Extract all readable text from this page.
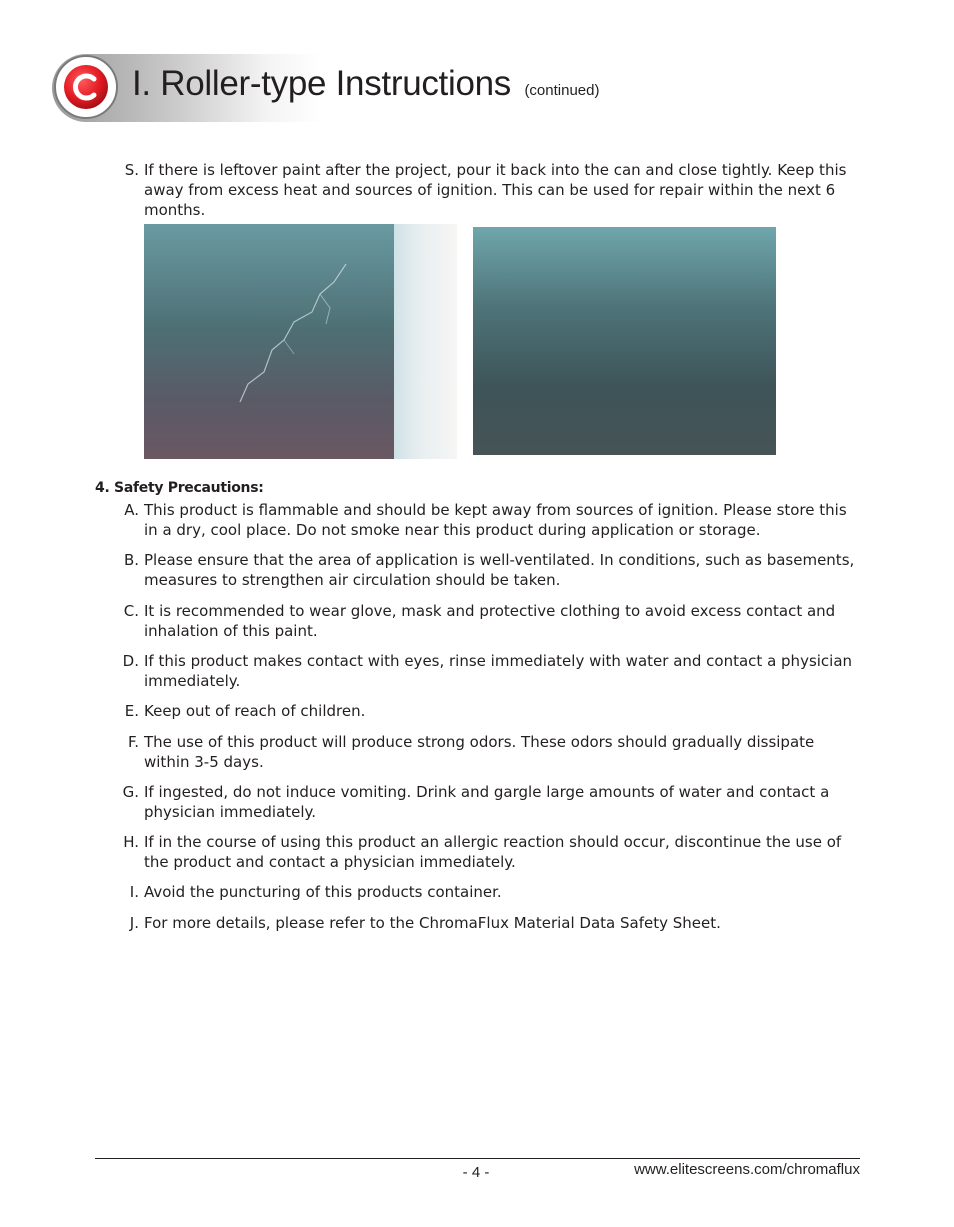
I. Roller-type Instructions (continued)
S. If there is leftover paint after the project, pour it back into the can and close tightly. Keep this away from excess heat and sources of ignition. This can be used for repair within the next 6 months.
4. Safety Precautions:
A. This product is flammable and should be kept away from sources of ignition. Please store this in a dry, cool place. Do not smoke near this product during application or storage.
B. Please ensure that the area of application is well-ventilated. In conditions, such as basements, measures to strengthen air circulation should be taken.
C. It is recommended to wear glove, mask and protective clothing to avoid excess contact and inhalation of this paint.
D. If this product makes contact with eyes, rinse immediately with water and contact a physician immediately.
E. Keep out of reach of children.
F. The use of this product will produce strong odors. These odors should gradually dissipate within 3-5 days.
G. If ingested, do not induce vomiting. Drink and gargle large amounts of water and contact a physician immediately.
H. If in the course of using this product an allergic reaction should occur, discontinue the use of the product and contact a physician immediately.
I. Avoid the puncturing of this products container.
J. For more details, please refer to the ChromaFlux Material Data Safety Sheet.
- 4 -	www.elitescreens.com/chromaflux
